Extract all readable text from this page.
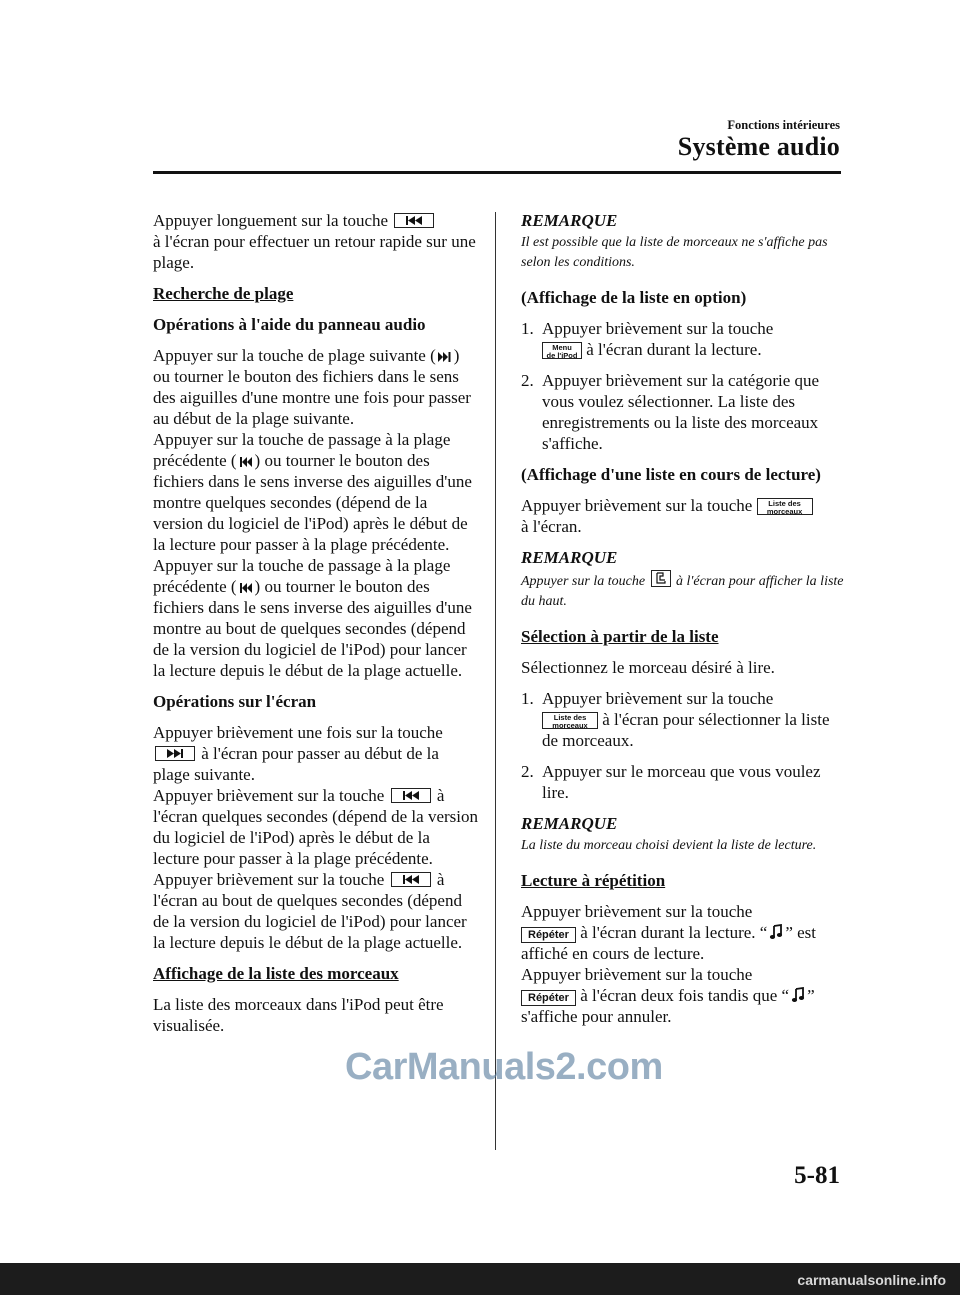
Fonctions intérieures
Système audio

Appuyer longuement sur la touche
à l'écran pour effectuer un retour rapide sur une plage.

Recherche de plage

Opérations à l'aide du panneau audio

Appuyer sur la touche de plage suivante ( ) ou tourner le bouton des fichiers dans le sens des aiguilles d'une montre une fois pour passer au début de la plage suivante.
Appuyer sur la touche de passage à la plage précédente ( ) ou tourner le bouton des fichiers dans le sens inverse des aiguilles d'une montre quelques secondes (dépend de la version du logiciel de l'iPod) après le début de la lecture pour passer à la plage précédente.
Appuyer sur la touche de passage à la plage précédente ( ) ou tourner le bouton des fichiers dans le sens inverse des aiguilles d'une montre au bout de quelques secondes (dépend de la version du logiciel de l'iPod) pour lancer la lecture depuis le début de la plage actuelle.

Opérations sur l'écran

Appuyer brièvement une fois sur la touche  à l'écran pour passer au début de la plage suivante.
Appuyer brièvement sur la touche	à l'écran quelques secondes (dépend de la version du logiciel de l'iPod) après le début de la lecture pour passer à la plage précédente.
Appuyer brièvement sur la touche	à l'écran au bout de quelques secondes (dépend de la version du logiciel de l'iPod) pour lancer la lecture depuis le début de la plage actuelle.

Affichage de la liste des morceaux

La liste des morceaux dans l'iPod peut être visualisée.

REMARQUE

Il est possible que la liste de morceaux ne s'affiche pas selon les conditions.

(Affichage de la liste en option)

1. Appuyer brièvement sur la touche
Menu
de l'iPod à l'écran durant la lecture.
2. Appuyer brièvement sur la catégorie que vous voulez sélectionner. La liste des enregistrements ou la liste des morceaux s'affiche.

(Affichage d'une liste en cours de lecture)

Appuyer brièvement sur la touche Liste des
morceaux
à l'écran.

REMARQUE

Appuyer sur la touche à l'écran pour afficher la liste du haut.

Sélection à partir de la liste

Sélectionnez le morceau désiré à lire.

1. Appuyer brièvement sur la touche
Liste des
morceaux à l'écran pour sélectionner la liste de morceaux.
2. Appuyer sur le morceau que vous voulez lire.
REMARQUE

La liste du morceau choisi devient la liste de lecture.

Lecture à répétition

Appuyer brièvement sur la touche
Répéter à l'écran durant la lecture. “ ” est affiché en cours de lecture.
Appuyer brièvement sur la touche
Répéter à l'écran deux fois tandis que “ ” s'affiche pour annuler.

CarManuals2.com
5-81
carmanualsonline.info
